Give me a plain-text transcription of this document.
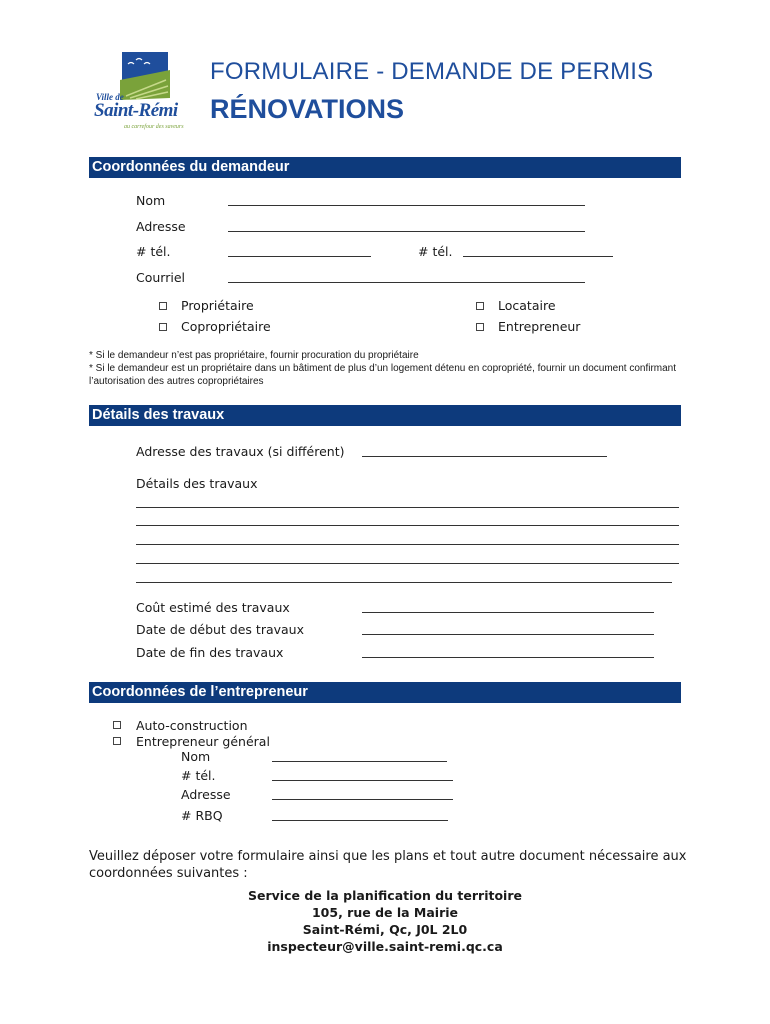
Ville de
Saint-Rémi
au carrefour des saveurs
FORMULAIRE - DEMANDE DE PERMIS
RÉNOVATIONS
Coordonnées du demandeur
Nom
Adresse
# tél.	# tél.
Courriel
Propriétaire
Copropriétaire
Locataire
Entrepreneur
* Si le demandeur n’est pas propriétaire, fournir procuration du propriétaire
* Si le demandeur est un propriétaire dans un bâtiment de plus d’un logement détenu en copropriété, fournir un document confirmant l’autorisation des autres copropriétaires
Détails des travaux
Adresse des travaux (si différent)
Détails des travaux
Coût estimé des travaux
Date de début des travaux
Date de fin des travaux
Coordonnées de l’entrepreneur
Auto-construction
Entrepreneur général
Nom
# tél.
Adresse
# RBQ
Veuillez déposer votre formulaire ainsi que les plans et tout autre document nécessaire aux coordonnées suivantes :
Service de la planification du territoire
105, rue de la Mairie
Saint-Rémi, Qc, J0L 2L0
inspecteur@ville.saint-remi.qc.ca
